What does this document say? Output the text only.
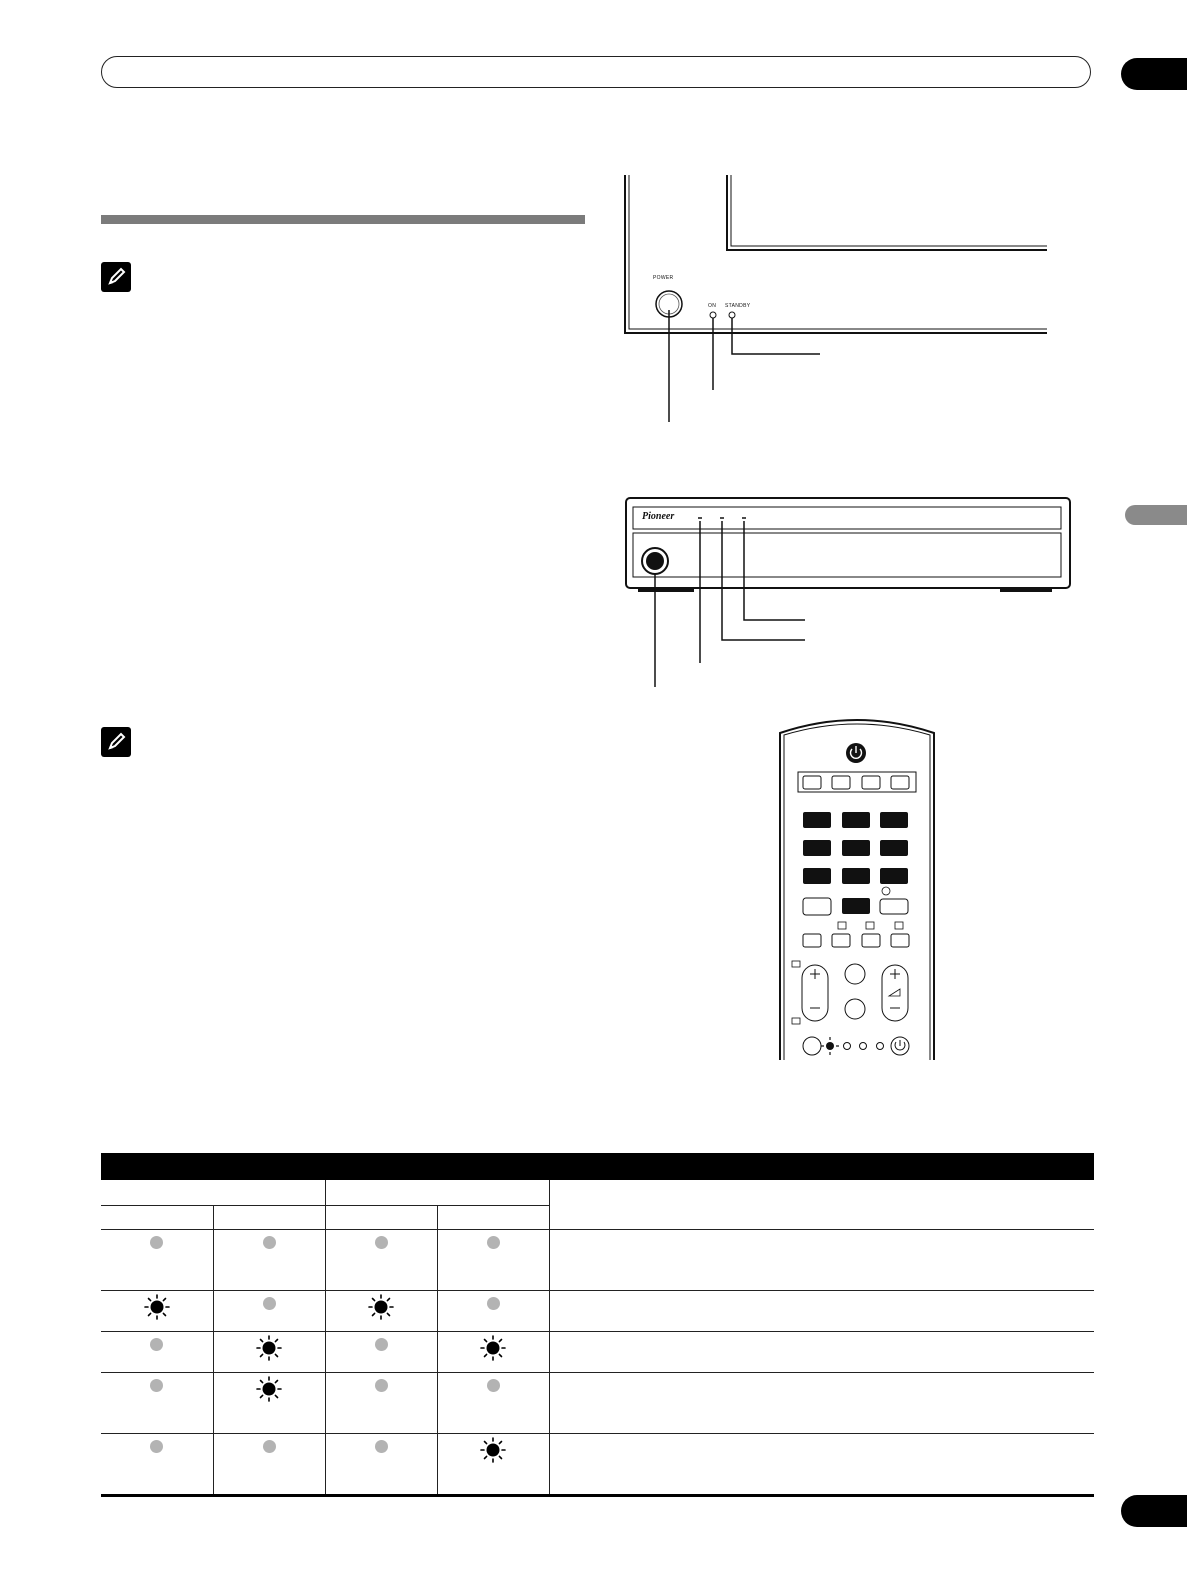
POWER
ON STANDBY
Pioneer
